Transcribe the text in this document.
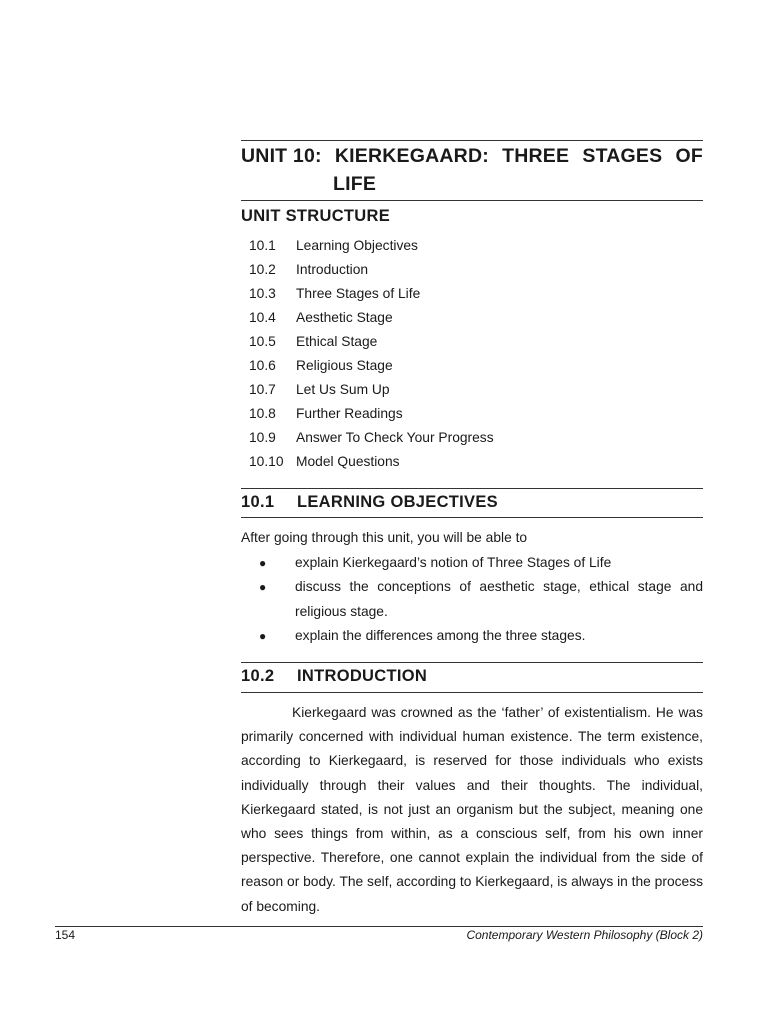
UNIT 10: KIERKEGAARD: THREE STAGES OF
LIFE
UNIT STRUCTURE
10.1	Learning Objectives
10.2	Introduction
10.3	Three Stages of Life
10.4	Aesthetic Stage
10.5	Ethical Stage
10.6	Religious Stage
10.7	Let Us Sum Up
10.8	Further Readings
10.9	Answer To Check Your Progress
10.10 Model Questions
10.1 LEARNING OBJECTIVES
After going through this unit, you will be able to
●	explain Kierkegaard’s notion of Three Stages of Life
●	discuss the conceptions of aesthetic stage, ethical stage and religious stage.
●	explain the differences among the three stages.
10.2 INTRODUCTION

Kierkegaard was crowned as the ‘father’ of existentialism. He was primarily concerned with individual human existence. The term existence, according to Kierkegaard, is reserved for those individuals who exists individually through their values and their thoughts. The individual, Kierkegaard stated, is not just an organism but the subject, meaning one who sees things from within, as a conscious self, from his own inner perspective. Therefore, one cannot explain the individual from the side of reason or body. The self, according to Kierkegaard, is always in the process of becoming.

154	Contemporary Western Philosophy (Block 2)
